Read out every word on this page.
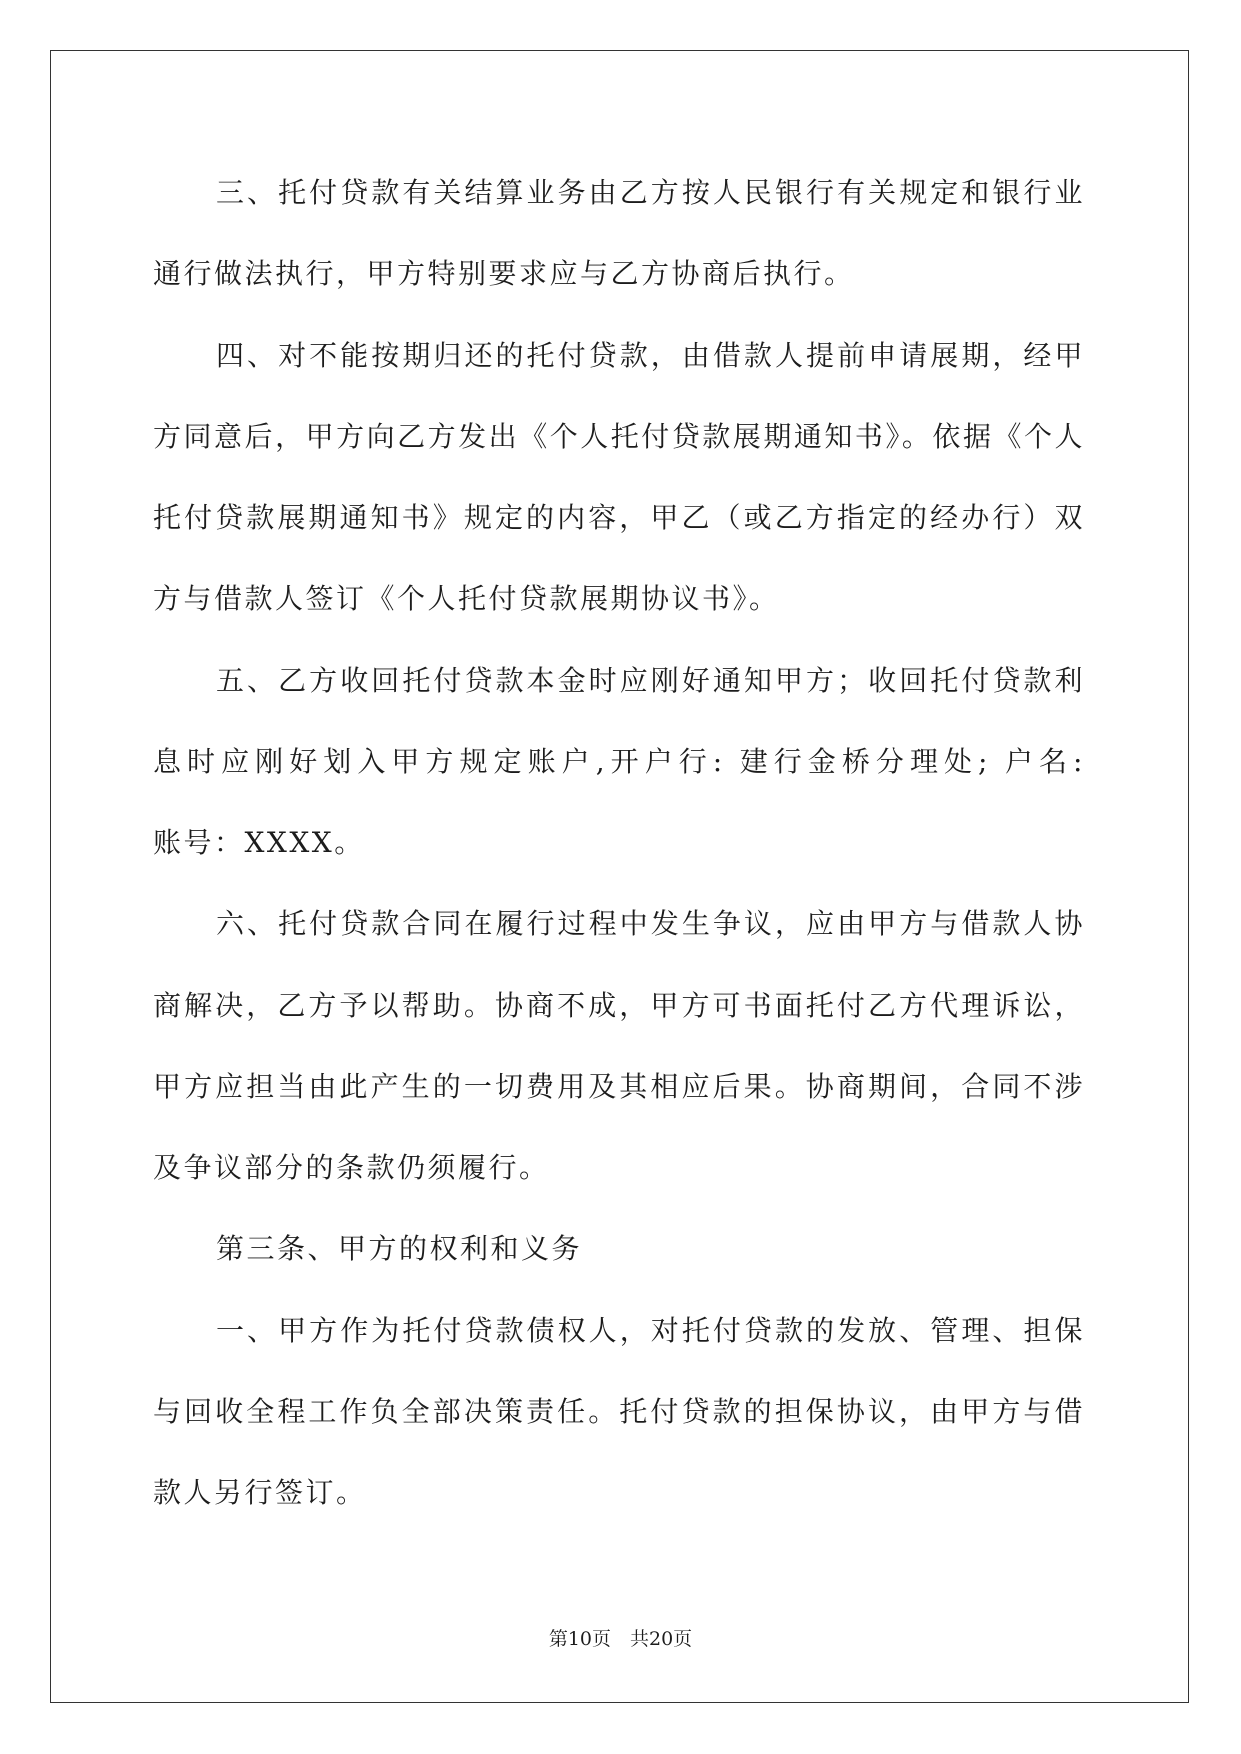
三、托付贷款有关结算业务由乙方按人民银行有关规定和银行业
通行做法执行，甲方特别要求应与乙方协商后执行。
四、对不能按期归还的托付贷款，由借款人提前申请展期，经甲
方同意后，甲方向乙方发出《个人托付贷款展期通知书》。依据《个人
托付贷款展期通知书》规定的内容，甲乙（或乙方指定的经办行）双
方与借款人签订《个人托付贷款展期协议书》。
五、乙方收回托付贷款本金时应刚好通知甲方；收回托付贷款利
息时应刚好划入甲方规定账户,开户行: 建行金桥分理处; 户名:
账号：XXXX。
六、托付贷款合同在履行过程中发生争议，应由甲方与借款人协
商解决，乙方予以帮助。协商不成，甲方可书面托付乙方代理诉讼，
甲方应担当由此产生的一切费用及其相应后果。协商期间，合同不涉
及争议部分的条款仍须履行。
第三条、甲方的权利和义务
一、甲方作为托付贷款债权人，对托付贷款的发放、管理、担保
与回收全程工作负全部决策责任。托付贷款的担保协议，由甲方与借
款人另行签订。
第10页　共20页
